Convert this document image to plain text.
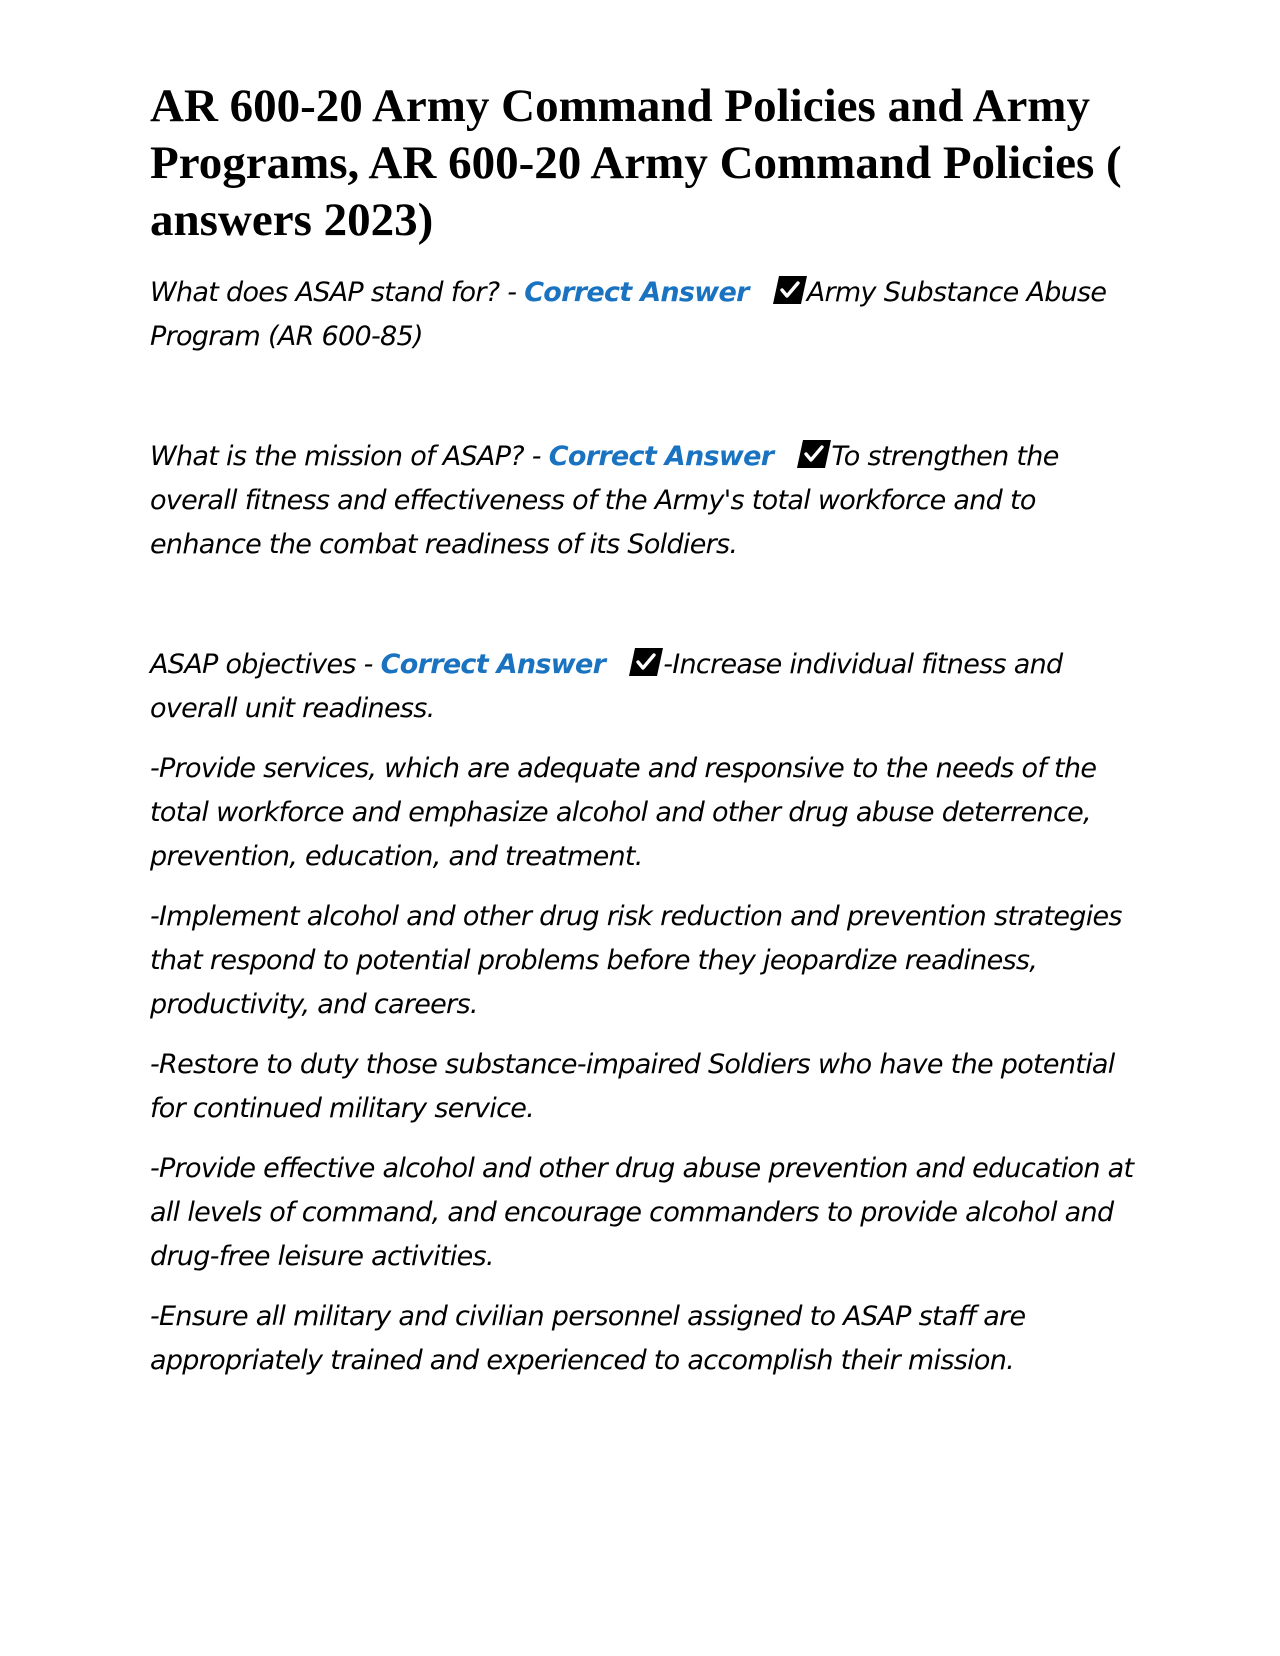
AR 600-20 Army Command Policies and Army Programs, AR 600-20 Army Command Policies ( answers 2023)

What does ASAP stand for? - Correct Answer Army Substance Abuse Program (AR 600-85)

What is the mission of ASAP? - Correct Answer To strengthen the overall fitness and effectiveness of the Army's total workforce and to enhance the combat readiness of its Soldiers.

ASAP objectives - Correct Answer -Increase individual fitness and overall unit readiness.

-Provide services, which are adequate and responsive to the needs of the total workforce and emphasize alcohol and other drug abuse deterrence, prevention, education, and treatment.

-Implement alcohol and other drug risk reduction and prevention strategies that respond to potential problems before they jeopardize readiness, productivity, and careers.

-Restore to duty those substance-impaired Soldiers who have the potential for continued military service.

-Provide effective alcohol and other drug abuse prevention and education at all levels of command, and encourage commanders to provide alcohol and drug-free leisure activities.

-Ensure all military and civilian personnel assigned to ASAP staff are appropriately trained and experienced to accomplish their mission.
